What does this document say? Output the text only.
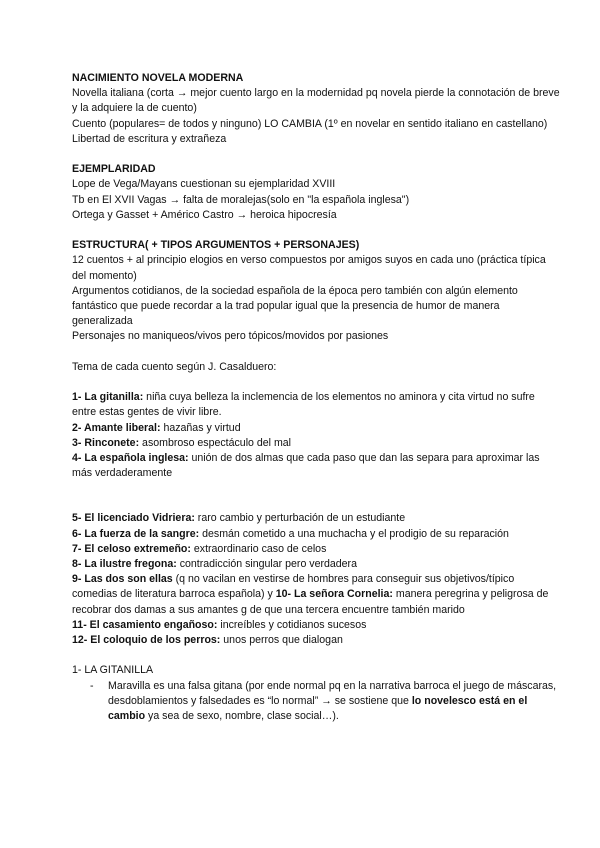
NACIMIENTO NOVELA MODERNA

Novella italiana (corta → mejor cuento largo en la modernidad pq novela pierde la connotación de breve y la adquiere la de cuento)

Cuento (populares= de todos y ninguno) LO CAMBIA (1º en novelar en sentido italiano en castellano)

Libertad de escritura y extrañeza

EJEMPLARIDAD

Lope de Vega/Mayans cuestionan su ejemplaridad XVIII

Tb en El XVII Vagas → falta de moralejas(solo en "la española inglesa")

Ortega y Gasset + Américo Castro → heroica hipocresía

ESTRUCTURA( + TIPOS ARGUMENTOS + PERSONAJES)

12 cuentos + al principio elogios en verso compuestos por amigos suyos en cada uno (práctica típica del momento)

Argumentos cotidianos, de la sociedad española de la época pero también con algún elemento fantástico que puede recordar a la trad popular igual que la presencia de humor de manera generalizada

Personajes no maniqueos/vivos pero tópicos/movidos por pasiones

Tema de cada cuento según J. Casalduero:

1- La gitanilla: niña cuya belleza la inclemencia de los elementos no aminora y cita virtud no sufre entre estas gentes de vivir libre.

2- Amante liberal: hazañas y virtud

3- Rinconete: asombroso espectáculo del mal

4- La española inglesa: unión de dos almas que cada paso que dan las separa para aproximar las más verdaderamente

5- El licenciado Vidriera: raro cambio y perturbación de un estudiante

6- La fuerza de la sangre: desmán cometido a una muchacha y el prodigio de su reparación

7- El celoso extremeño: extraordinario caso de celos

8- La ilustre fregona: contradicción singular pero verdadera

9- Las dos son ellas (q no vacilan en vestirse de hombres para conseguir sus objetivos/típico comedias de literatura barroca española) y 10- La señora Cornelia: manera peregrina y peligrosa de recobrar dos damas a sus amantes g de que una tercera encuentre también marido

11- El casamiento engañoso: increíbles y cotidianos sucesos

12- El coloquio de los perros: unos perros que dialogan

1- LA GITANILLA
-	Maravilla es una falsa gitana (por ende normal pq en la narrativa barroca el juego de máscaras, desdoblamientos y falsedades es “lo normal” → se sostiene que lo novelesco está en el cambio ya sea de sexo, nombre, clase social…).
